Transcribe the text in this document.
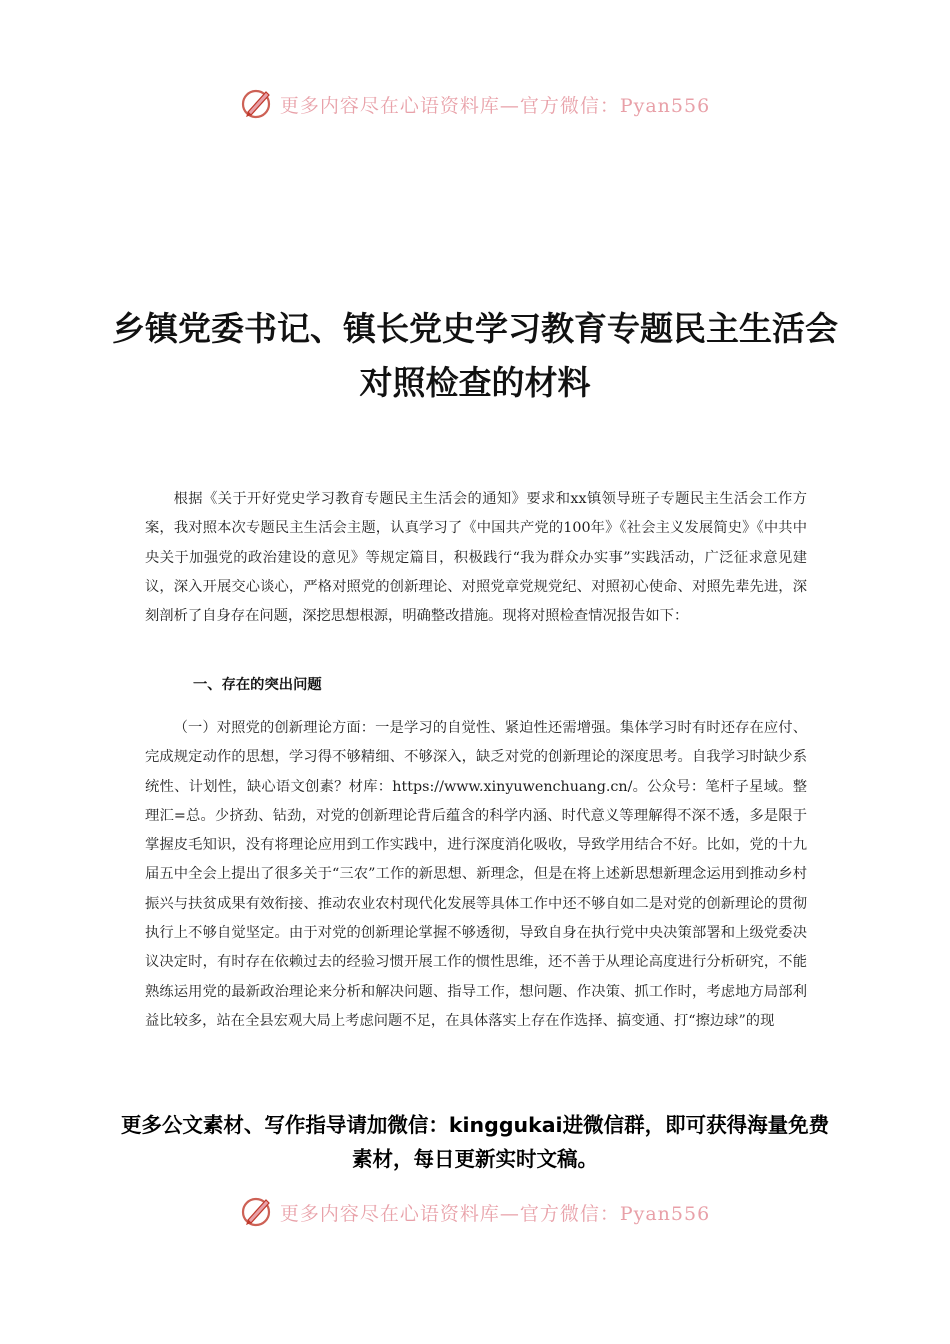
更多内容尽在心语资料库—官方微信：Pyan556
乡镇党委书记、镇长党史学习教育专题民主生活会对照检查的材料

根据《关于开好党史学习教育专题民主生活会的通知》要求和xx镇领导班子专题民主生活会工作方案，我对照本次专题民主生活会主题，认真学习了《中国共产党的100年》《社会主义发展简史》《中共中央关于加强党的政治建设的意见》等规定篇目，积极践行“我为群众办实事”实践活动，广泛征求意见建议，深入开展交心谈心，严格对照党的创新理论、对照党章党规党纪、对照初心使命、对照先辈先进，深刻剖析了自身存在问题，深挖思想根源，明确整改措施。现将对照检查情况报告如下：

一、存在的突出问题

（一）对照党的创新理论方面：一是学习的自觉性、紧迫性还需增强。集体学习时有时还存在应付、完成规定动作的思想，学习得不够精细、不够深入，缺乏对党的创新理论的深度思考。自我学习时缺少系统性、计划性，缺心语文创素？材库：https://www.xinyuwenchuang.cn/。公众号：笔杆子星域。整理汇=总。少挤劲、钻劲，对党的创新理论背后蕴含的科学内涵、时代意义等理解得不深不透，多是限于掌握皮毛知识，没有将理论应用到工作实践中，进行深度消化吸收，导致学用结合不好。比如，党的十九届五中全会上提出了很多关于“三农”工作的新思想、新理念，但是在将上述新思想新理念运用到推动乡村振兴与扶贫成果有效衔接、推动农业农村现代化发展等具体工作中还不够自如二是对党的创新理论的贯彻执行上不够自觉坚定。由于对党的创新理论掌握不够透彻，导致自身在执行党中央决策部署和上级党委决议决定时，有时存在依赖过去的经验习惯开展工作的惯性思维，还不善于从理论高度进行分析研究，不能熟练运用党的最新政治理论来分析和解决问题、指导工作，想问题、作决策、抓工作时，考虑地方局部利益比较多，站在全县宏观大局上考虑问题不足，在具体落实上存在作选择、搞变通、打“擦边球”的现

更多公文素材、写作指导请加微信：kinggukai进微信群，即可获得海量免费素材，每日更新实时文稿。
更多内容尽在心语资料库—官方微信：Pyan556
